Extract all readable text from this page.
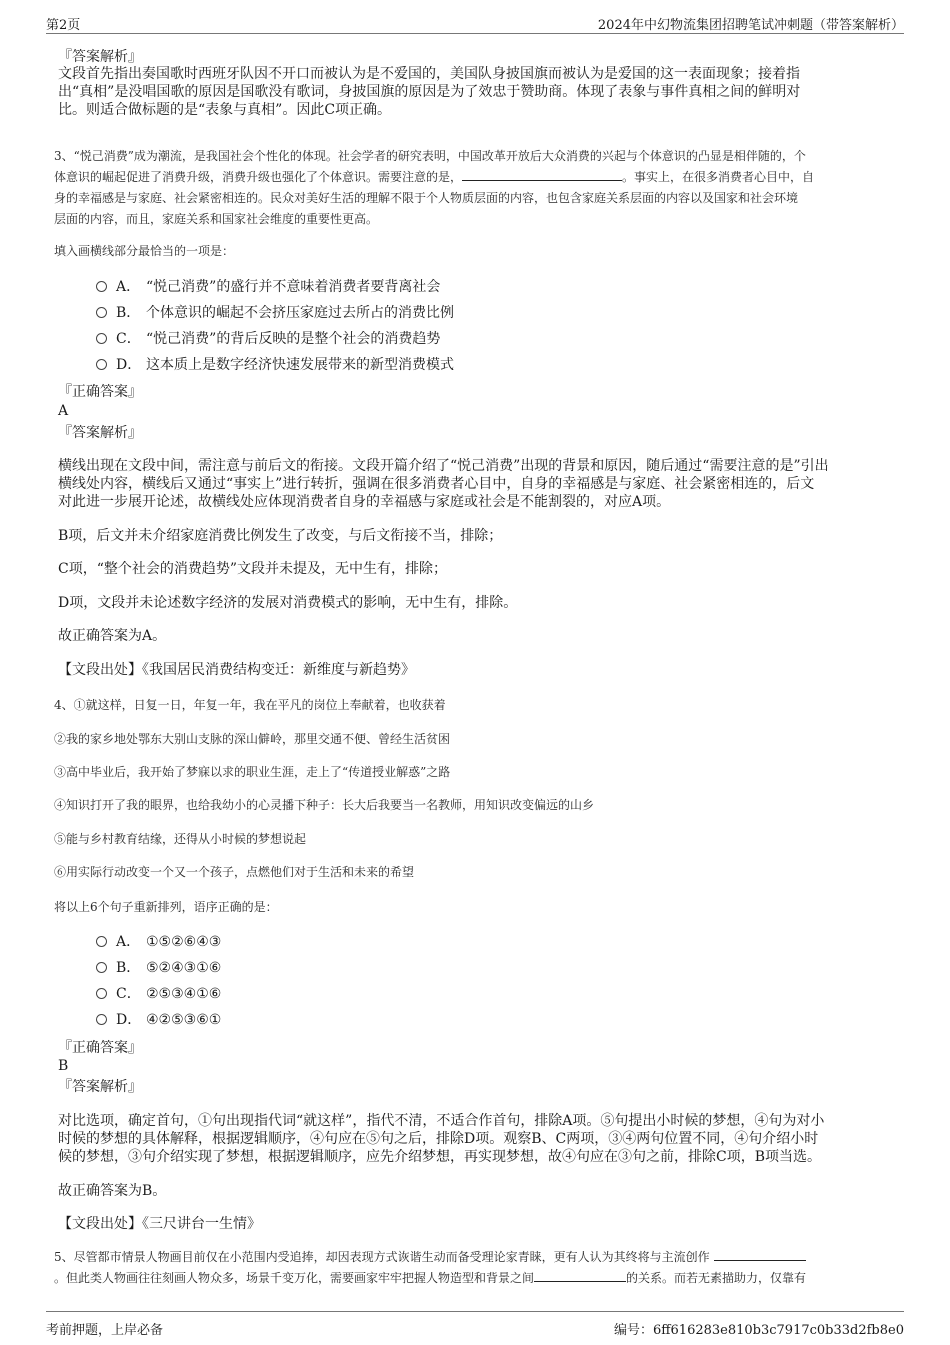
第2页	2024年中幻物流集团招聘笔试冲刺题（带答案解析）
『答案解析』
文段首先指出奏国歌时西班牙队因不开口而被认为是不爱国的，美国队身披国旗而被认为是爱国的这一表面现象；接着指
出“真相”是没唱国歌的原因是国歌没有歌词，身披国旗的原因是为了效忠于赞助商。体现了表象与事件真相之间的鲜明对
比。则适合做标题的是“表象与真相”。因此C项正确。
3、“悦己消费”成为潮流，是我国社会个性化的体现。社会学者的研究表明，中国改革开放后大众消费的兴起与个体意识的凸显是相伴随的，个
体意识的崛起促进了消费升级，消费升级也强化了个体意识。需要注意的是，	。事实上，在很多消费者心目中，自
身的幸福感是与家庭、社会紧密相连的。民众对美好生活的理解不限于个人物质层面的内容，也包含家庭关系层面的内容以及国家和社会环境
层面的内容，而且，家庭关系和国家社会维度的重要性更高。
填入画横线部分最恰当的一项是：
A． “悦己消费”的盛行并不意味着消费者要背离社会
B． 个体意识的崛起不会挤压家庭过去所占的消费比例
C． “悦己消费”的背后反映的是整个社会的消费趋势
D． 这本质上是数字经济快速发展带来的新型消费模式
『正确答案』
A
『答案解析』
横线出现在文段中间，需注意与前后文的衔接。文段开篇介绍了“悦己消费”出现的背景和原因，随后通过“需要注意的是”引出
横线处内容，横线后又通过“事实上”进行转折，强调在很多消费者心目中，自身的幸福感是与家庭、社会紧密相连的，后文
对此进一步展开论述，故横线处应体现消费者自身的幸福感与家庭或社会是不能割裂的，对应A项。
B项，后文并未介绍家庭消费比例发生了改变，与后文衔接不当，排除；
C项，“整个社会的消费趋势”文段并未提及，无中生有，排除；
D项，文段并未论述数字经济的发展对消费模式的影响，无中生有，排除。
故正确答案为A。
【文段出处】《我国居民消费结构变迁：新维度与新趋势》
4、①就这样，日复一日，年复一年，我在平凡的岗位上奉献着，也收获着
②我的家乡地处鄂东大别山支脉的深山僻岭，那里交通不便、曾经生活贫困
③高中毕业后，我开始了梦寐以求的职业生涯，走上了“传道授业解惑”之路
④知识打开了我的眼界，也给我幼小的心灵播下种子：长大后我要当一名教师，用知识改变偏远的山乡
⑤能与乡村教育结缘，还得从小时候的梦想说起
⑥用实际行动改变一个又一个孩子，点燃他们对于生活和未来的希望
将以上6个句子重新排列，语序正确的是：
A． ①⑤②⑥④③
B． ⑤②④③①⑥
C． ②⑤③④①⑥
D． ④②⑤③⑥①
『正确答案』
B
『答案解析』
对比选项，确定首句，①句出现指代词“就这样”，指代不清，不适合作首句，排除A项。⑤句提出小时候的梦想，④句为对小
时候的梦想的具体解释，根据逻辑顺序，④句应在⑤句之后，排除D项。观察B、C两项，③④两句位置不同，④句介绍小时
候的梦想，③句介绍实现了梦想，根据逻辑顺序，应先介绍梦想，再实现梦想，故④句应在③句之前，排除C项，B项当选。
故正确答案为B。
【文段出处】《三尺讲台一生情》
5、尽管都市情景人物画目前仅在小范围内受追捧，却因表现方式诙谐生动而备受理论家青睐，更有人认为其终将与主流创作
。但此类人物画往往刻画人物众多，场景千变万化，需要画家牢牢把握人物造型和背景之间	的关系。而若无素描助力，仅靠有
考前押题，上岸必备	编号：6ff616283e810b3c7917c0b33d2fb8e0
